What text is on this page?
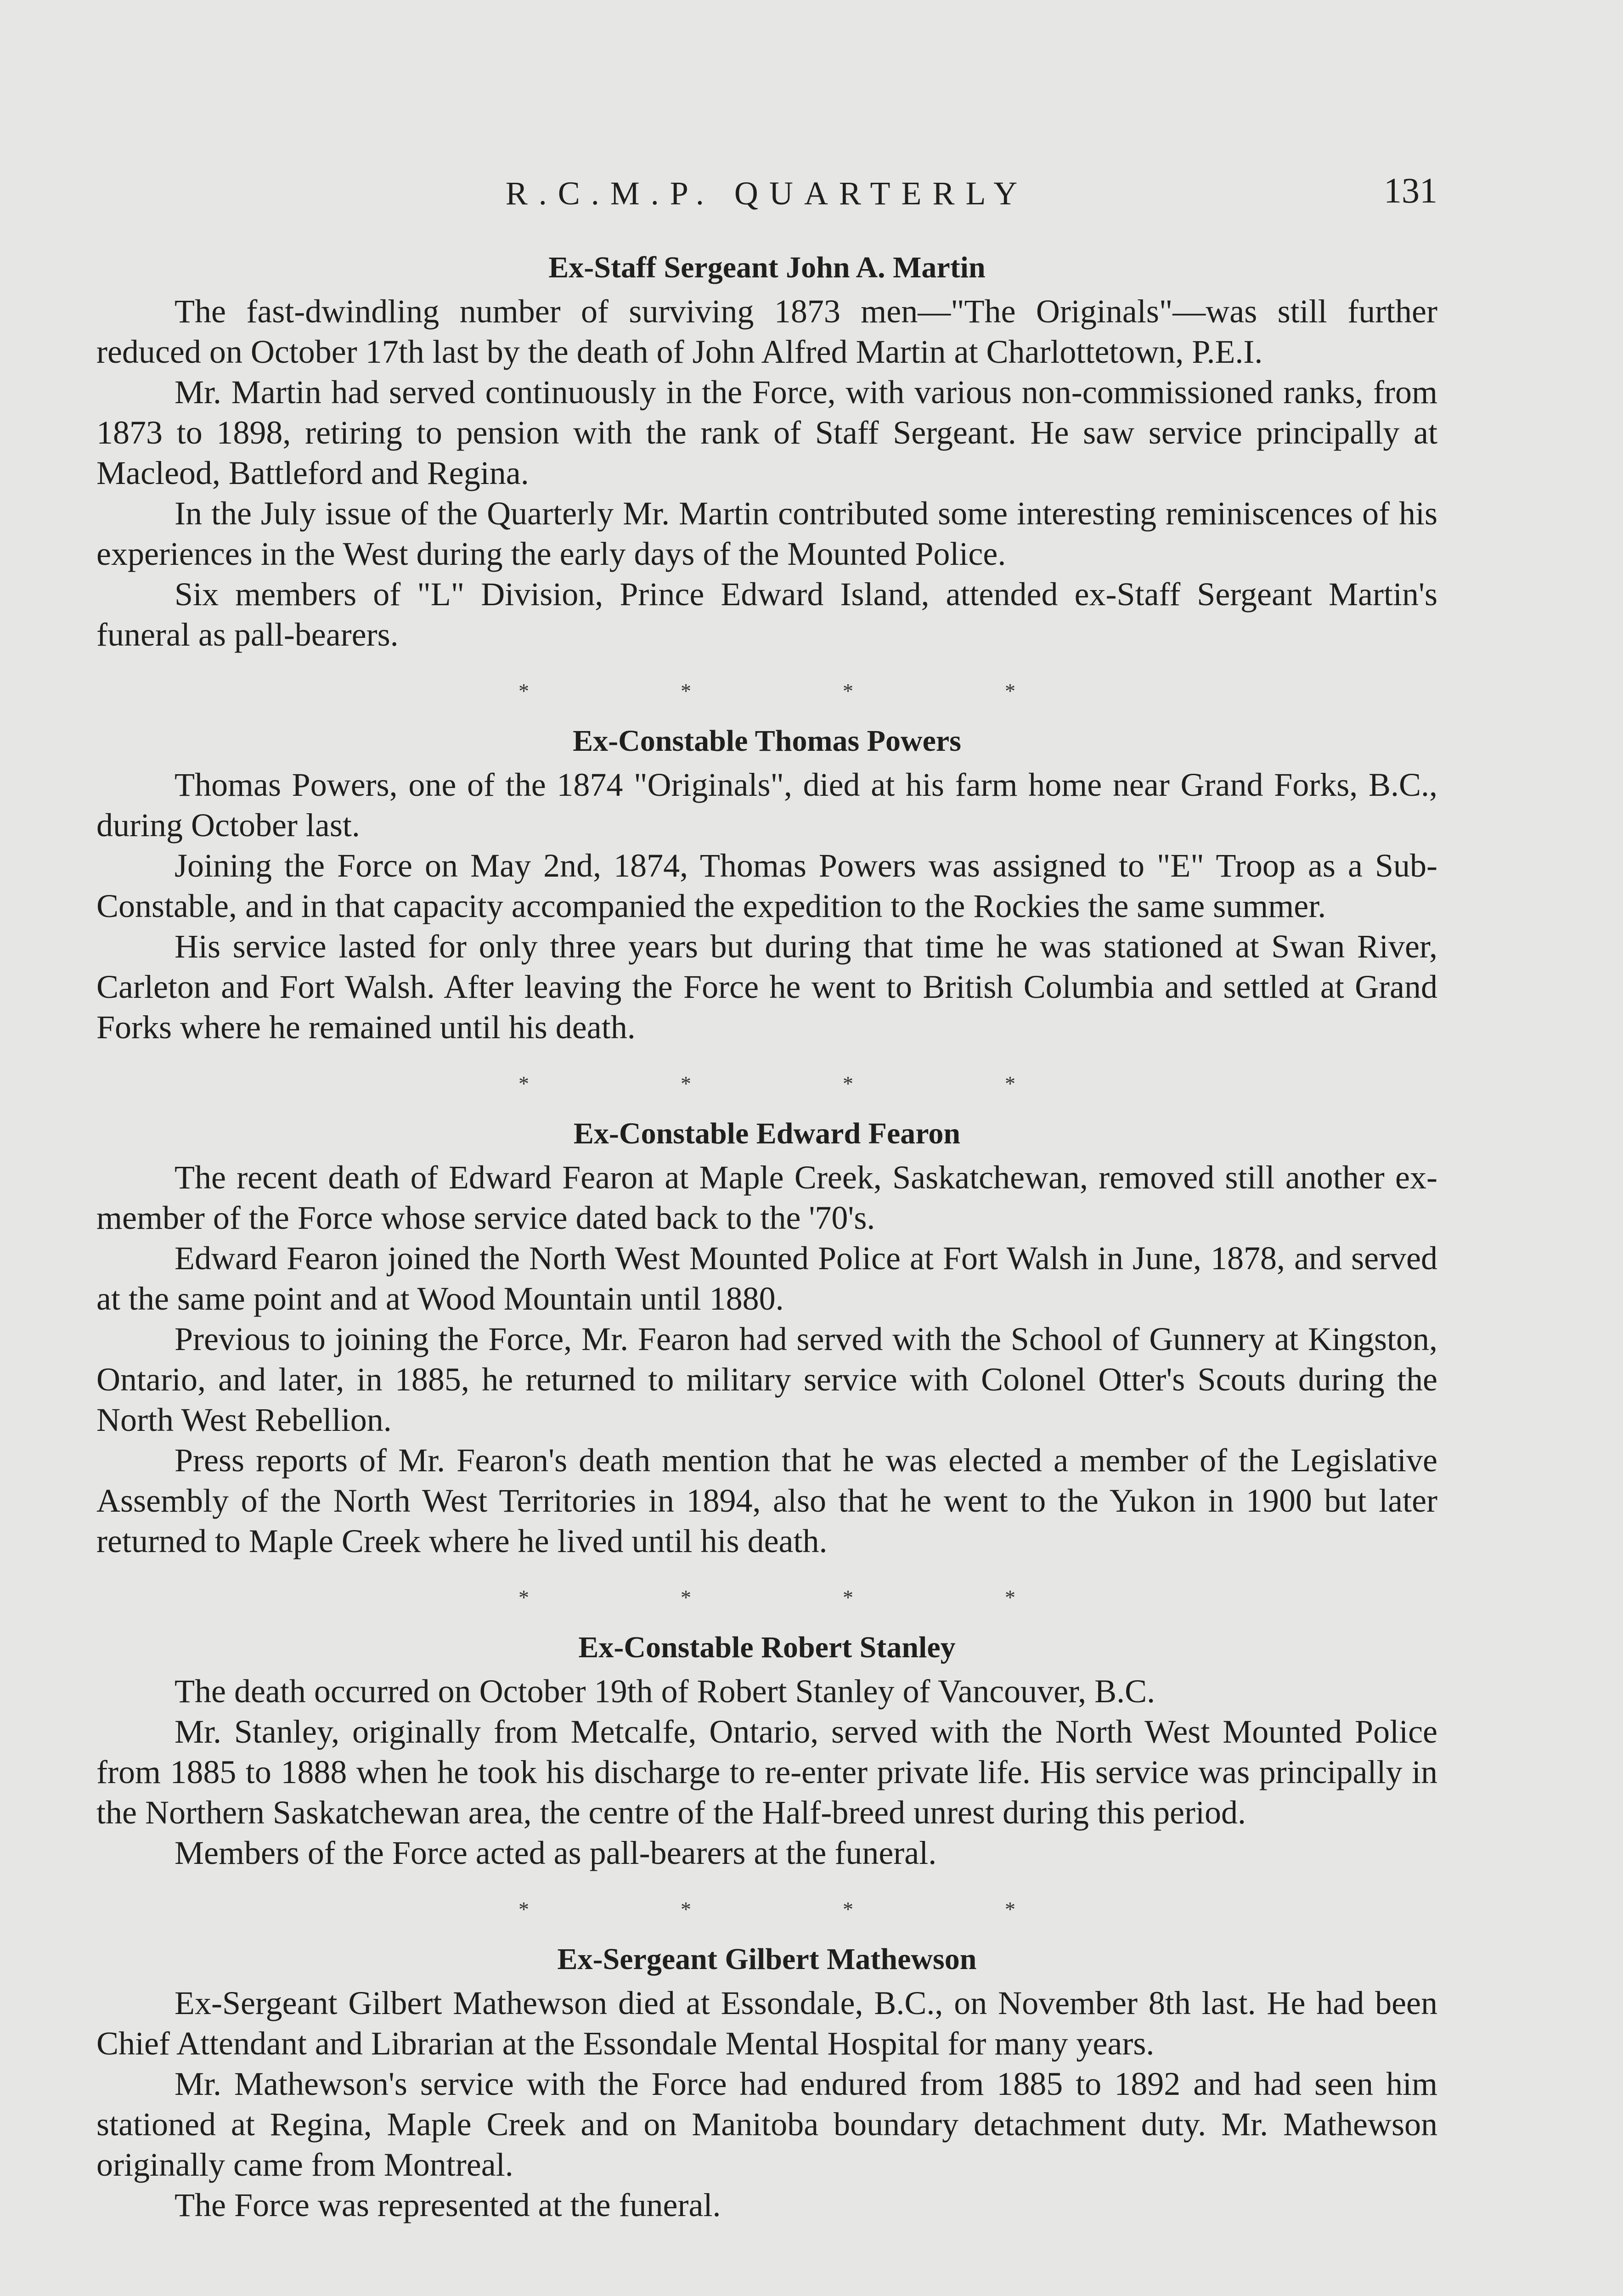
R.C.M.P. QUARTERLY	131
Ex-Staff Sergeant John A. Martin

The fast-dwindling number of surviving 1873 men—"The Originals"—was still further reduced on October 17th last by the death of John Alfred Martin at Charlottetown, P.E.I.

Mr. Martin had served continuously in the Force, with various non-commissioned ranks, from 1873 to 1898, retiring to pension with the rank of Staff Sergeant. He saw service principally at Macleod, Battleford and Regina.

In the July issue of the Quarterly Mr. Martin contributed some interesting reminiscences of his experiences in the West during the early days of the Mounted Police.

Six members of "L" Division, Prince Edward Island, attended ex-Staff Sergeant Martin's funeral as pall-bearers.

*	*	*	*
Ex-Constable Thomas Powers

Thomas Powers, one of the 1874 "Originals", died at his farm home near Grand Forks, B.C., during October last.

Joining the Force on May 2nd, 1874, Thomas Powers was assigned to "E" Troop as a Sub-Constable, and in that capacity accompanied the expedition to the Rockies the same summer.

His service lasted for only three years but during that time he was stationed at Swan River, Carleton and Fort Walsh. After leaving the Force he went to British Columbia and settled at Grand Forks where he remained until his death.

*	*	*	*
Ex-Constable Edward Fearon

The recent death of Edward Fearon at Maple Creek, Saskatchewan, removed still another ex-member of the Force whose service dated back to the '70's.

Edward Fearon joined the North West Mounted Police at Fort Walsh in June, 1878, and served at the same point and at Wood Mountain until 1880.

Previous to joining the Force, Mr. Fearon had served with the School of Gunnery at Kingston, Ontario, and later, in 1885, he returned to military service with Colonel Otter's Scouts during the North West Rebellion.

Press reports of Mr. Fearon's death mention that he was elected a member of the Legislative Assembly of the North West Territories in 1894, also that he went to the Yukon in 1900 but later returned to Maple Creek where he lived until his death.

*	*	*	*
Ex-Constable Robert Stanley

The death occurred on October 19th of Robert Stanley of Vancouver, B.C.

Mr. Stanley, originally from Metcalfe, Ontario, served with the North West Mounted Police from 1885 to 1888 when he took his discharge to re-enter private life. His service was principally in the Northern Saskatchewan area, the centre of the Half-breed unrest during this period.

Members of the Force acted as pall-bearers at the funeral.

*	*	*	*
Ex-Sergeant Gilbert Mathewson

Ex-Sergeant Gilbert Mathewson died at Essondale, B.C., on November 8th last. He had been Chief Attendant and Librarian at the Essondale Mental Hospital for many years.

Mr. Mathewson's service with the Force had endured from 1885 to 1892 and had seen him stationed at Regina, Maple Creek and on Manitoba boundary detachment duty. Mr. Mathewson originally came from Montreal.

The Force was represented at the funeral.
